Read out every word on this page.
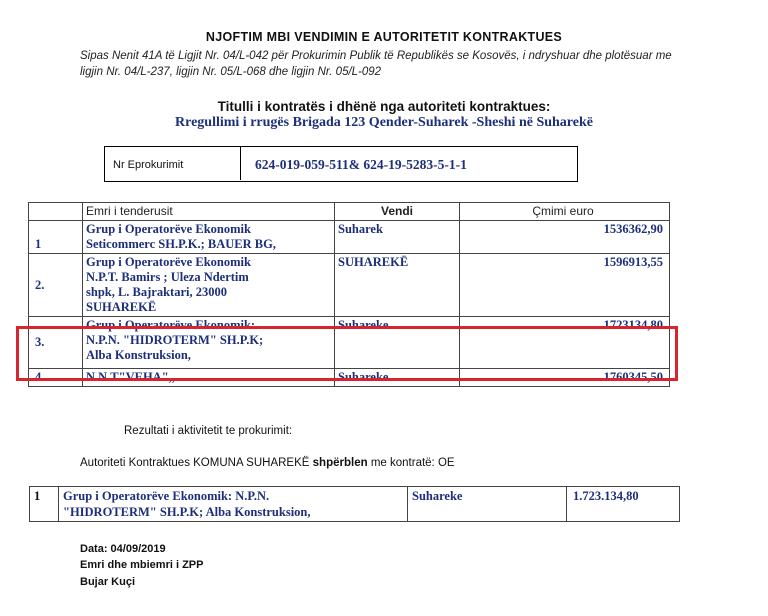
NJOFTIM MBI VENDIMIN E AUTORITETIT KONTRAKTUES
Sipas Nenit 41A të Ligjit Nr. 04/L-042 për Prokurimin Publik të Republikës se Kosovës, i ndryshuar dhe plotësuar me
ligjin Nr. 04/L-237, ligjin Nr. 05/L-068 dhe ligjin Nr. 05/L-092
Titulli i kontratës i dhënë nga autoriteti kontraktues:
Rregullimi i rrugës Brigada 123 Qender-Suharek -Sheshi në Suharekë
Nr Eprokurimit	624-019-059-511& 624-19-5283-5-1-1
	Emri i tenderusit	Vendi	Çmimi euro
1	Grup i Operatorëve Ekonomik
Seticommerc SH.P.K.; BAUER BG,	Suharek	1536362,90
2.	Grup i Operatorëve Ekonomik
N.P.T. Bamirs ; Uleza Ndertim
shpk, L. Bajraktari, 23000
SUHAREKË	SUHAREKË	1596913,55
3.	Grup i Operatorëve Ekonomik:
N.P.N. "HIDROTERM" SH.P.K;
Alba Konstruksion,	Suhareke	1723134,80
4.	N.N.T"VEHA",,	Suhareke	1760345,50
Rezultati i aktivitetit te prokurimit:
Autoriteti Kontraktues KOMUNA SUHAREKË shpërblen me kontratë: OE
1	Grup i Operatorëve Ekonomik: N.P.N.
"HIDROTERM" SH.P.K; Alba Konstruksion,
	Suhareke	1.723.134,80
Data: 04/09/2019
Emri dhe mbiemri i ZPP
Bujar Kuçi
